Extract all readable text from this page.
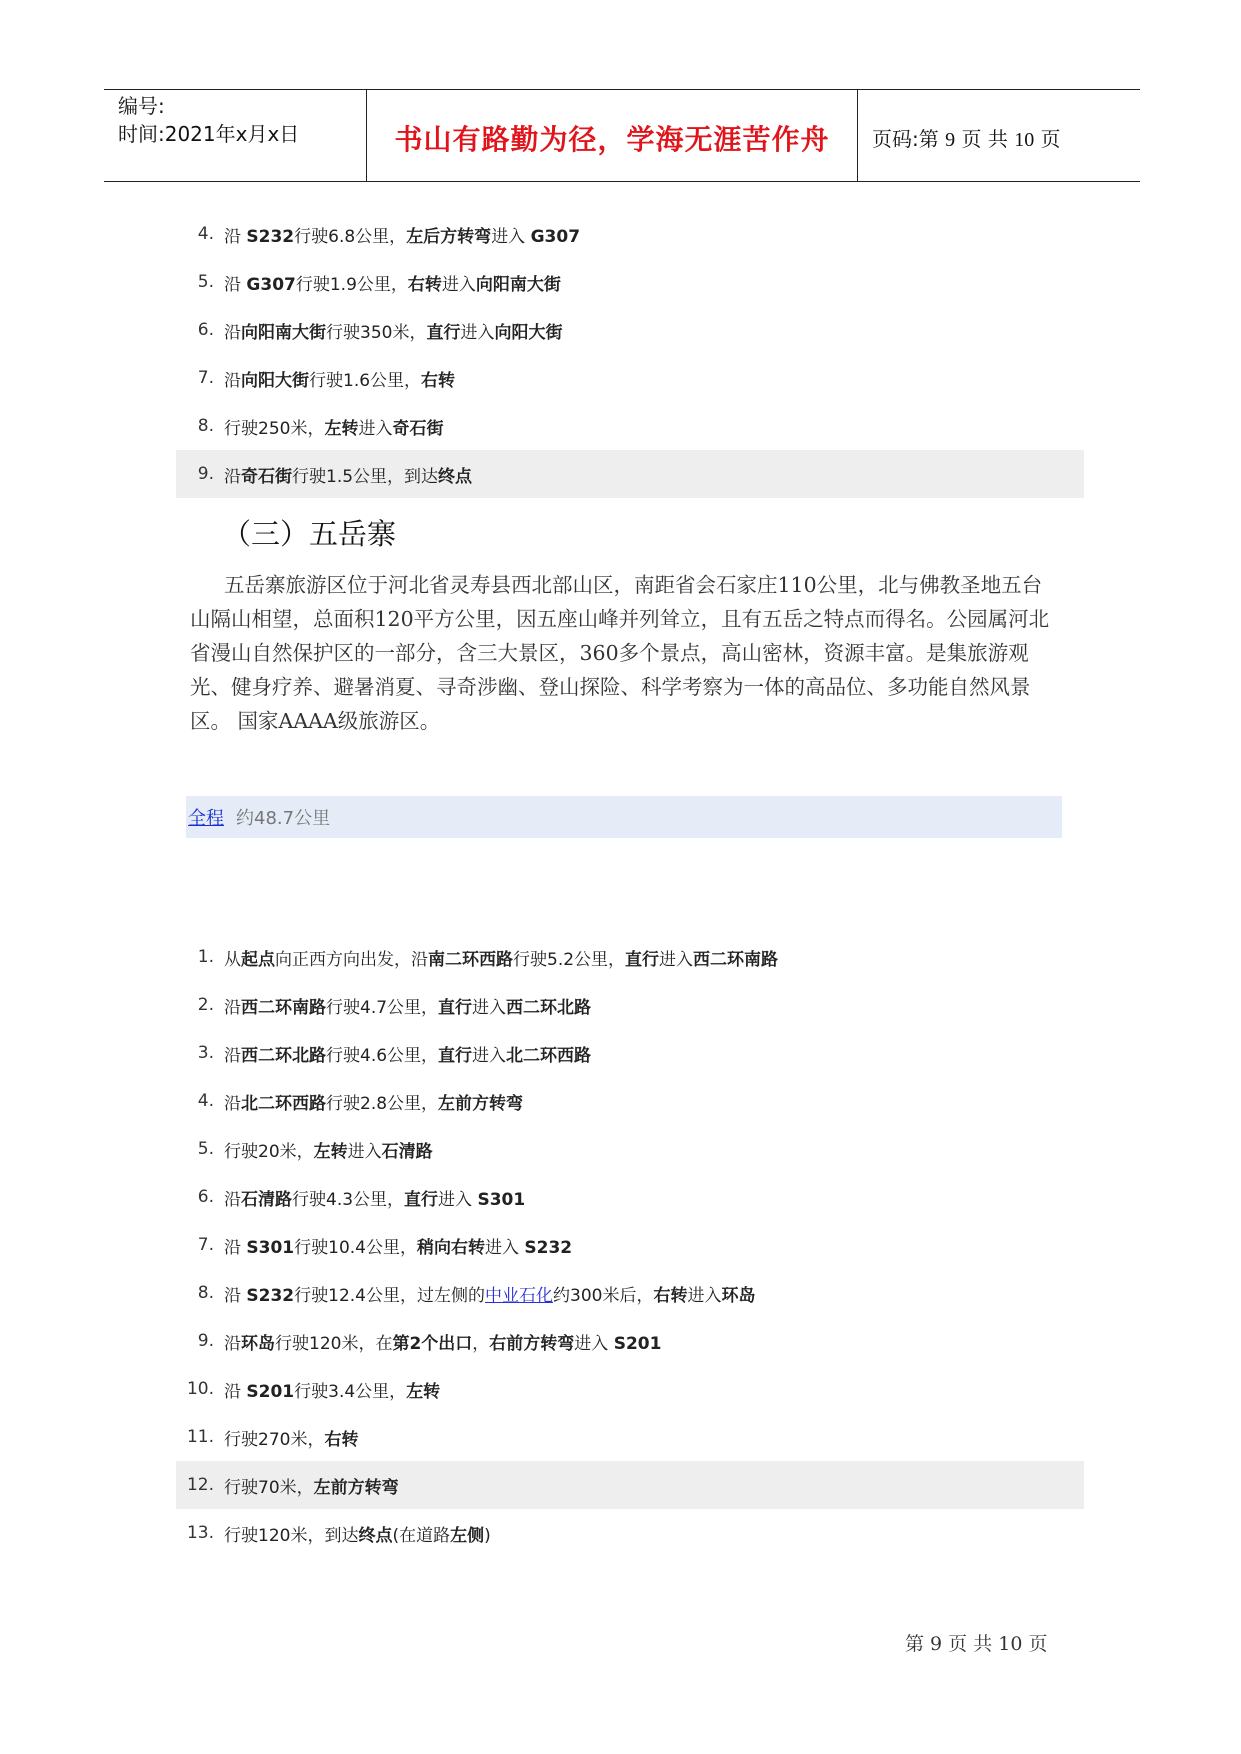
编号:
时间:2021年x月x日	书山有路勤为径，学海无涯苦作舟	页码:第 9 页 共 10 页
4. 沿 S232行驶6.8公里，左后方转弯进入 G307
5. 沿 G307行驶1.9公里，右转进入向阳南大街
6. 沿向阳南大街行驶350米，直行进入向阳大街
7. 沿向阳大街行驶1.6公里，右转
8. 行驶250米，左转进入奇石街
9. 沿奇石街行驶1.5公里，到达终点
（三）五岳寨

五岳寨旅游区位于河北省灵寿县西北部山区，南距省会石家庄110公里，北与佛教圣地五台山隔山相望，总面积120平方公里，因五座山峰并列耸立，且有五岳之特点而得名。公园属河北省漫山自然保护区的一部分，含三大景区，360多个景点，高山密林，资源丰富。是集旅游观光、健身疗养、避暑消夏、寻奇涉幽、登山探险、科学考察为一体的高品位、多功能自然风景区。 国家AAAA级旅游区。

全程 约48.7公里
1. 从起点向正西方向出发，沿南二环西路行驶5.2公里，直行进入西二环南路
2. 沿西二环南路行驶4.7公里，直行进入西二环北路
3. 沿西二环北路行驶4.6公里，直行进入北二环西路
4. 沿北二环西路行驶2.8公里，左前方转弯
5. 行驶20米，左转进入石清路
6. 沿石清路行驶4.3公里，直行进入 S301
7. 沿 S301行驶10.4公里，稍向右转进入 S232
8. 沿 S232行驶12.4公里，过左侧的中业石化约300米后，右转进入环岛
9. 沿环岛行驶120米，在第2个出口，右前方转弯进入 S201
10. 沿 S201行驶3.4公里，左转
11. 行驶270米，右转
12. 行驶70米，左前方转弯
13. 行驶120米，到达终点(在道路左侧)
第 9 页 共 10 页
